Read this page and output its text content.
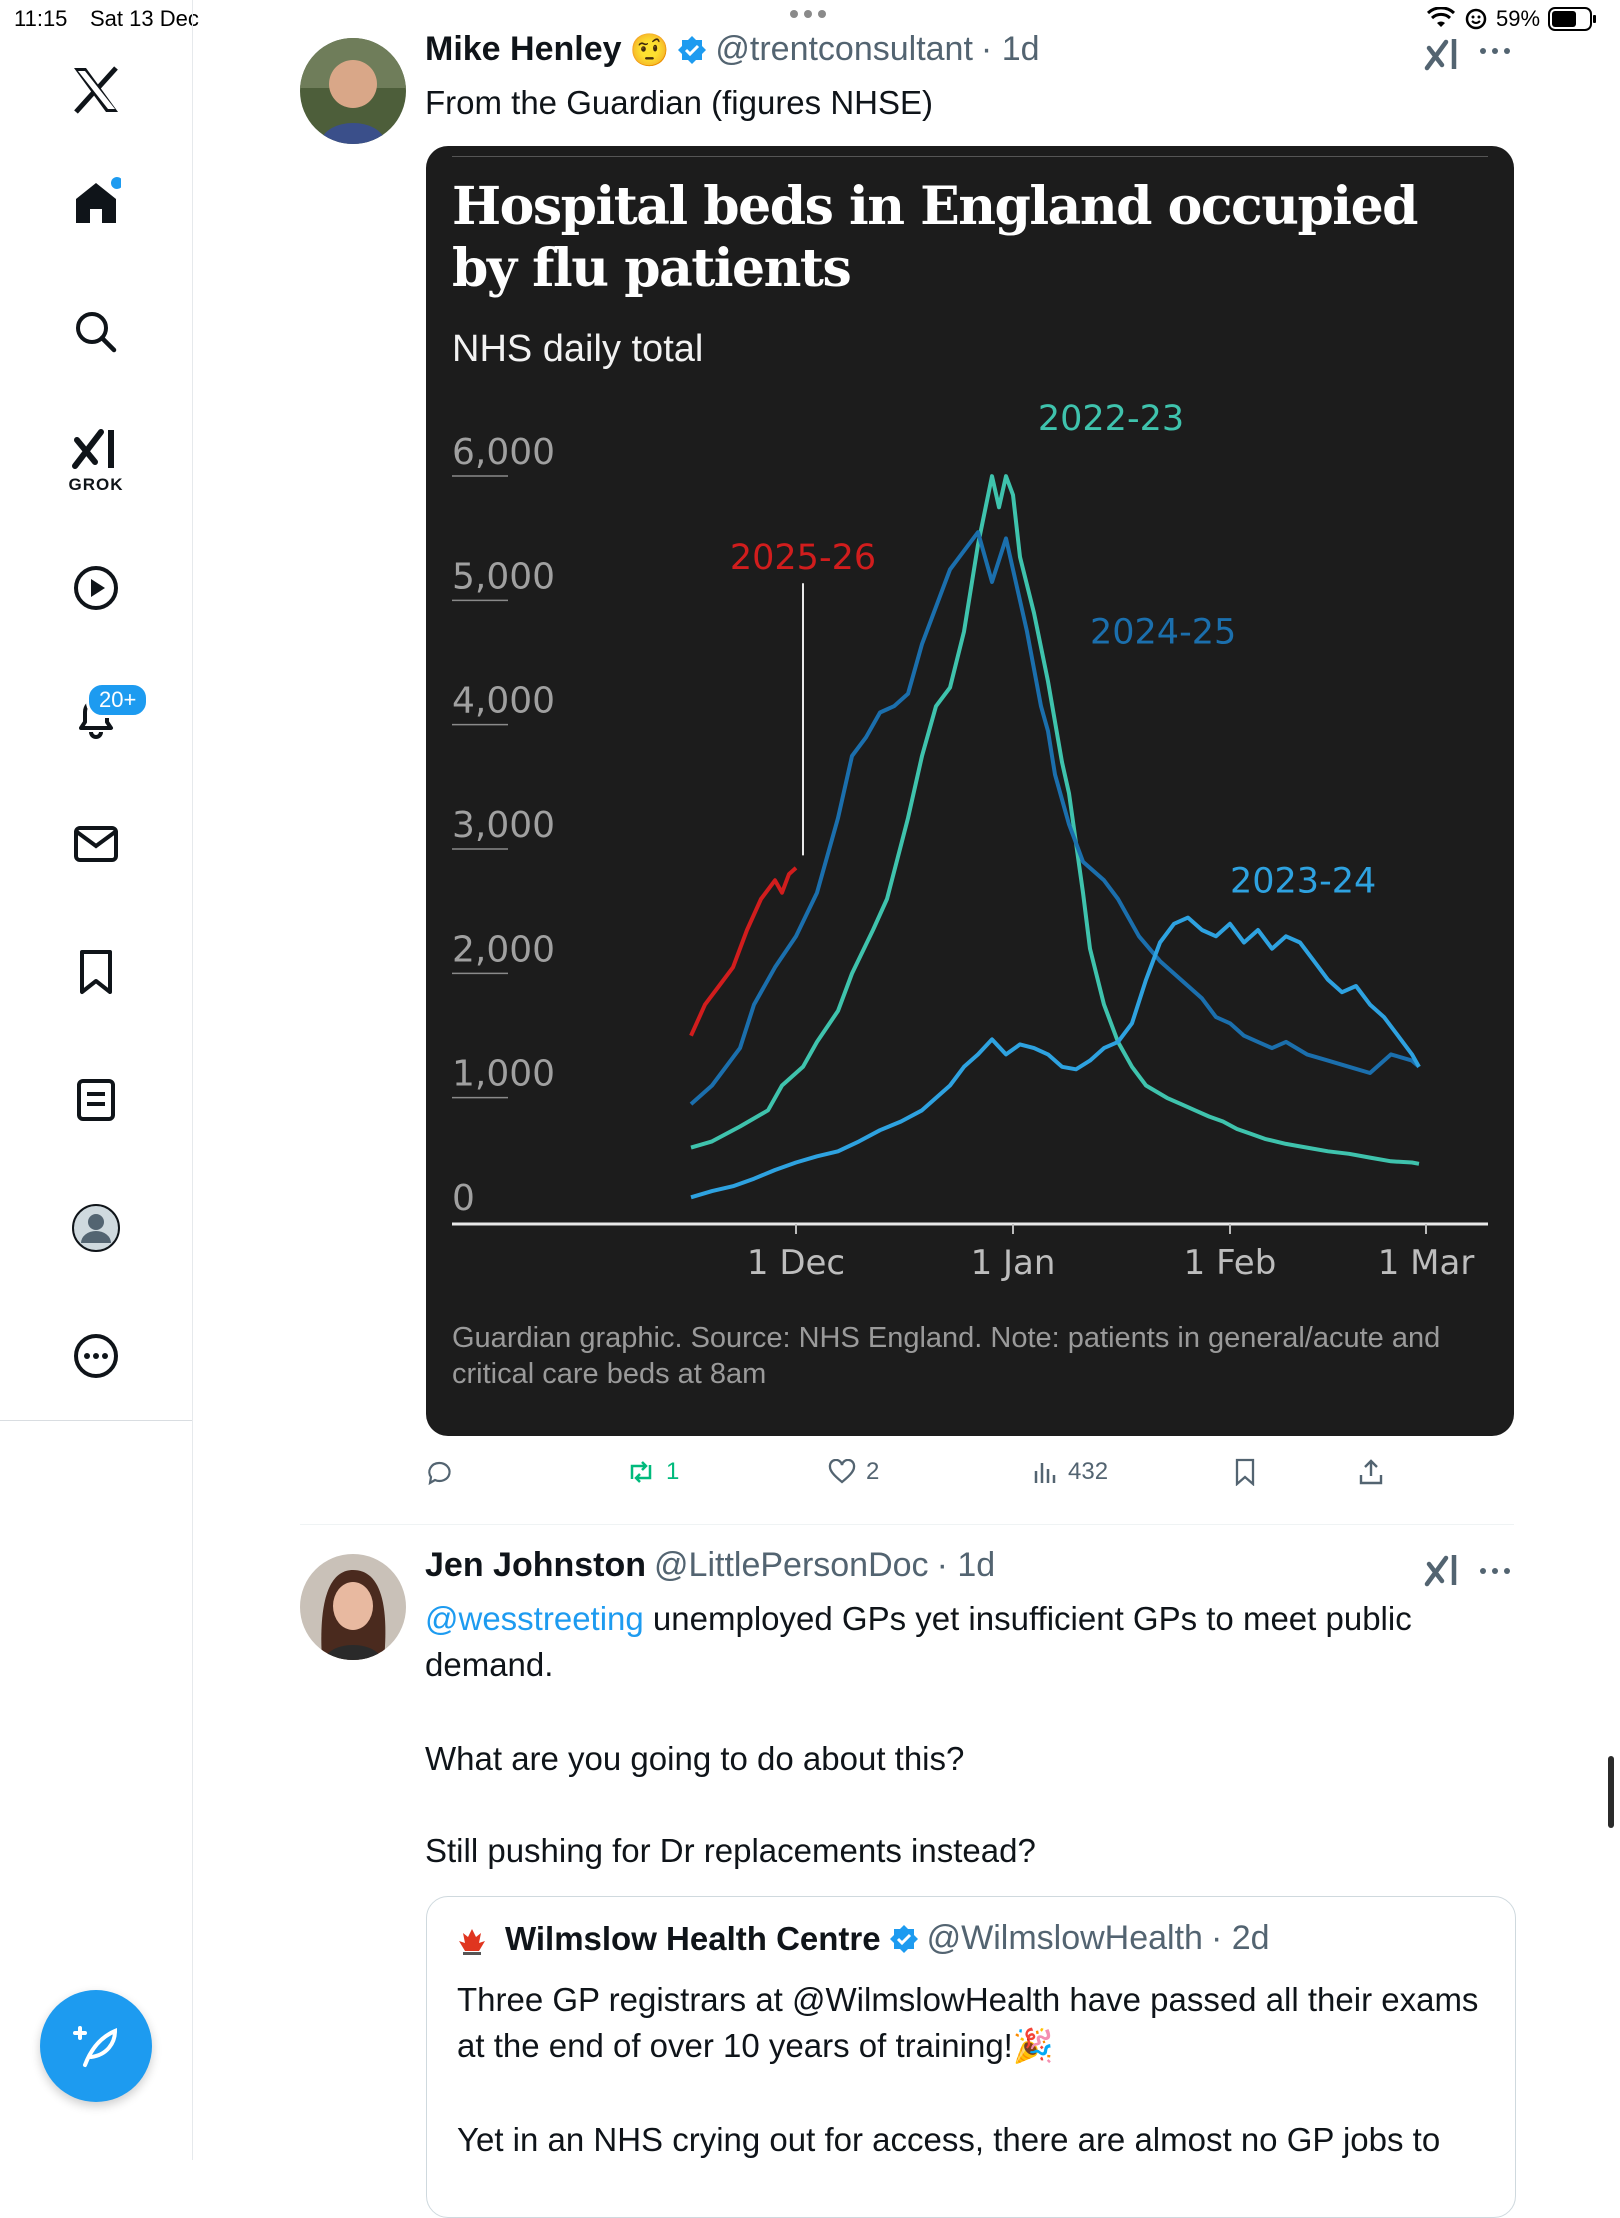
11:15 Sat 13 Dec	59%
GROK
20+
Mike Henley 🤨 @trentconsultant · 1d
From the Guardian (figures NHSE)
Hospital beds in England occupied by flu patients
NHS daily total
0
1,000
2,000
3,000
4,000
5,000
6,000
1 Dec	1 Jan	1 Feb	1 Mar
2022-23
2024-25
2023-24
2025-26
Guardian graphic. Source: NHS England. Note: patients in general/acute and critical care beds at 8am
1	2	432
Jen Johnston @LittlePersonDoc · 1d
@wesstreeting unemployed GPs yet insufficient GPs to meet public demand.
What are you going to do about this?
Still pushing for Dr replacements instead?
Wilmslow Health Centre @WilmslowHealth · 2d
Three GP registrars at @WilmslowHealth have passed all their exams at the end of over 10 years of training!🎉
Yet in an NHS crying out for access, there are almost no GP jobs to
